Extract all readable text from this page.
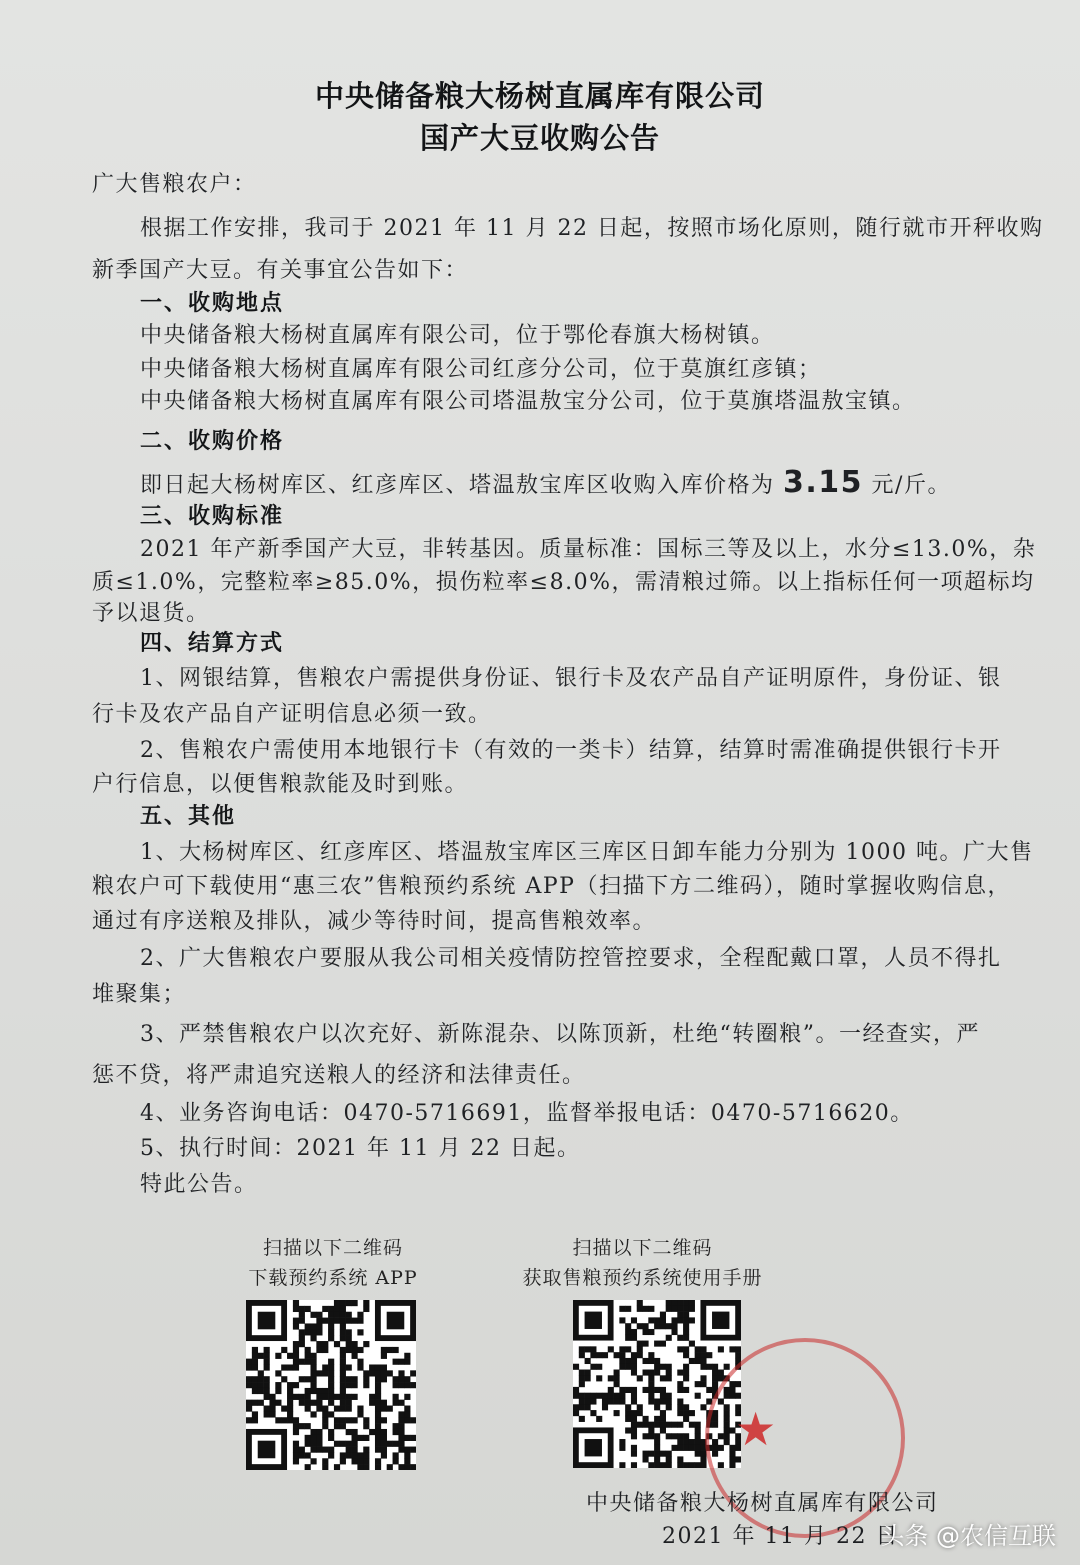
中央储备粮大杨树直属库有限公司
国产大豆收购公告
广大售粮农户：
根据工作安排，我司于 2021 年 11 月 22 日起，按照市场化原则，随行就市开秤收购
新季国产大豆。有关事宜公告如下：
一、收购地点
中央储备粮大杨树直属库有限公司，位于鄂伦春旗大杨树镇。
中央储备粮大杨树直属库有限公司红彦分公司，位于莫旗红彦镇；
中央储备粮大杨树直属库有限公司塔温敖宝分公司，位于莫旗塔温敖宝镇。
二、收购价格
即日起大杨树库区、红彦库区、塔温敖宝库区收购入库价格为 3.15 元/斤。
三、收购标准
2021 年产新季国产大豆，非转基因。质量标准：国标三等及以上，水分≤13.0%，杂
质≤1.0%，完整粒率≥85.0%，损伤粒率≤8.0%，需清粮过筛。以上指标任何一项超标均
予以退货。
四、结算方式
1、网银结算，售粮农户需提供身份证、银行卡及农产品自产证明原件，身份证、银
行卡及农产品自产证明信息必须一致。
2、售粮农户需使用本地银行卡（有效的一类卡）结算，结算时需准确提供银行卡开
户行信息，以便售粮款能及时到账。
五、其他
1、大杨树库区、红彦库区、塔温敖宝库区三库区日卸车能力分别为 1000 吨。广大售
粮农户可下载使用“惠三农”售粮预约系统 APP（扫描下方二维码），随时掌握收购信息，
通过有序送粮及排队，减少等待时间，提高售粮效率。
2、广大售粮农户要服从我公司相关疫情防控管控要求，全程配戴口罩，人员不得扎
堆聚集；
3、严禁售粮农户以次充好、新陈混杂、以陈顶新，杜绝“转圈粮”。一经查实，严
惩不贷，将严肃追究送粮人的经济和法律责任。
4、业务咨询电话：0470-5716691，监督举报电话：0470-5716620。
5、执行时间：2021 年 11 月 22 日起。
特此公告。
扫描以下二维码
下载预约系统 APP
扫描以下二维码
获取售粮预约系统使用手册
★
中央储备粮大杨树直属库有限公司
2021 年 11 月 22 日
头条 @农信互联
